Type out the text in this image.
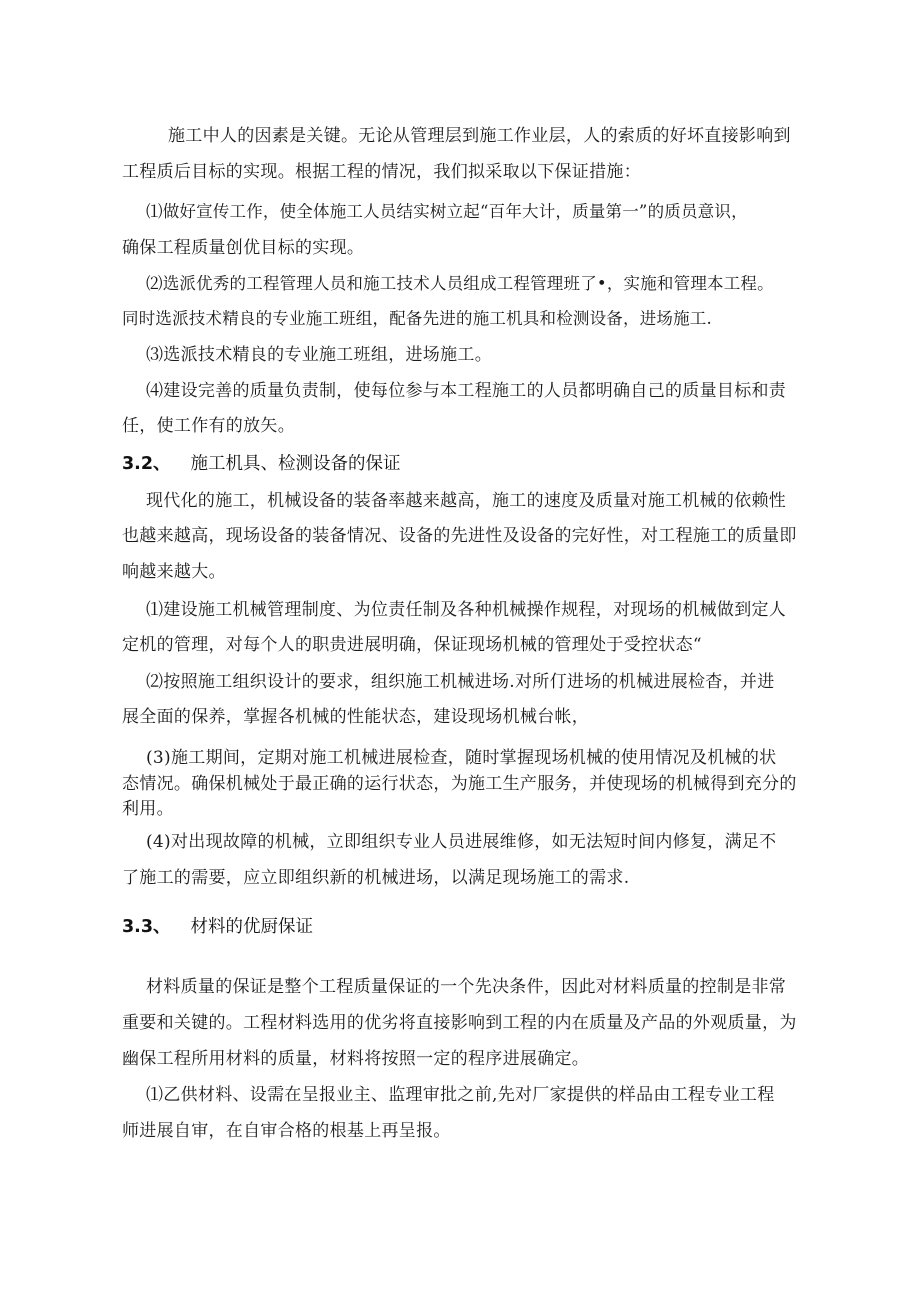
施工中人的因素是关键。无论从管理层到施工作业层，人的索质的好坏直接影响到
工程质后目标的实现。根据工程的情况，我们拟采取以下保证措施：
⑴做好宣传工作，使全体施工人员结实树立起“百年大计，质量第一”的质员意识，
确保工程质量创优目标的实现。
⑵选派优秀的工程管理人员和施工技术人员组成工程管理班了•，实施和管理本工程。
同时选派技术精良的专业施工班组，配备先进的施工机具和检测设备，进场施工.
⑶选派技术精良的专业施工班组，进场施工。
⑷建设完善的质量负责制，使每位参与本工程施工的人员都明确自己的质量目标和责
任，使工作有的放矢。
3.2、 施工机具、检测设备的保证
现代化的施工，机械设备的装备率越来越高，施工的速度及质量对施工机械的依赖性
也越来越高，现场设备的装备情况、设备的先进性及设备的完好性，对工程施工的质量即
响越来越大。
⑴建设施工机械管理制度、为位责任制及各种机械操作规程，对现场的机械做到定人
定机的管理，对每个人的职贵进展明确，保证现场机械的管理处于受控状态“
⑵按照施工组织设计的要求，组织施工机械进场.对所仃进场的机械进展检杳，并进
展全面的保养，掌握各机械的性能状态，建设现场机械台帐，
(3)施工期间，定期对施工机械进展检查，随时掌握现场机械的使用情况及机械的状
态情况。确保机械处于最正确的运行状态，为施工生产服务，并使现场的机械得到充分的
利用。
(4)对出现故障的机械，立即组织专业人员进展维修，如无法短时间内修复，满足不
了施工的需要，应立即组织新的机械进场，以满足现场施工的需求.
3.3、 材料的优厨保证
材料质量的保证是整个工程质量保证的一个先决条件，因此对材料质量的控制是非常
重要和关键的。工程材料选用的优劣将直接影响到工程的内在质量及产品的外观质量，为
幽保工程所用材料的质量，材料将按照一定的程序进展确定。
⑴乙供材料、设需在呈报业主、监理审批之前,先对厂家提供的样品由工程专业工程
师进展自审，在自审合格的根基上再呈报。
